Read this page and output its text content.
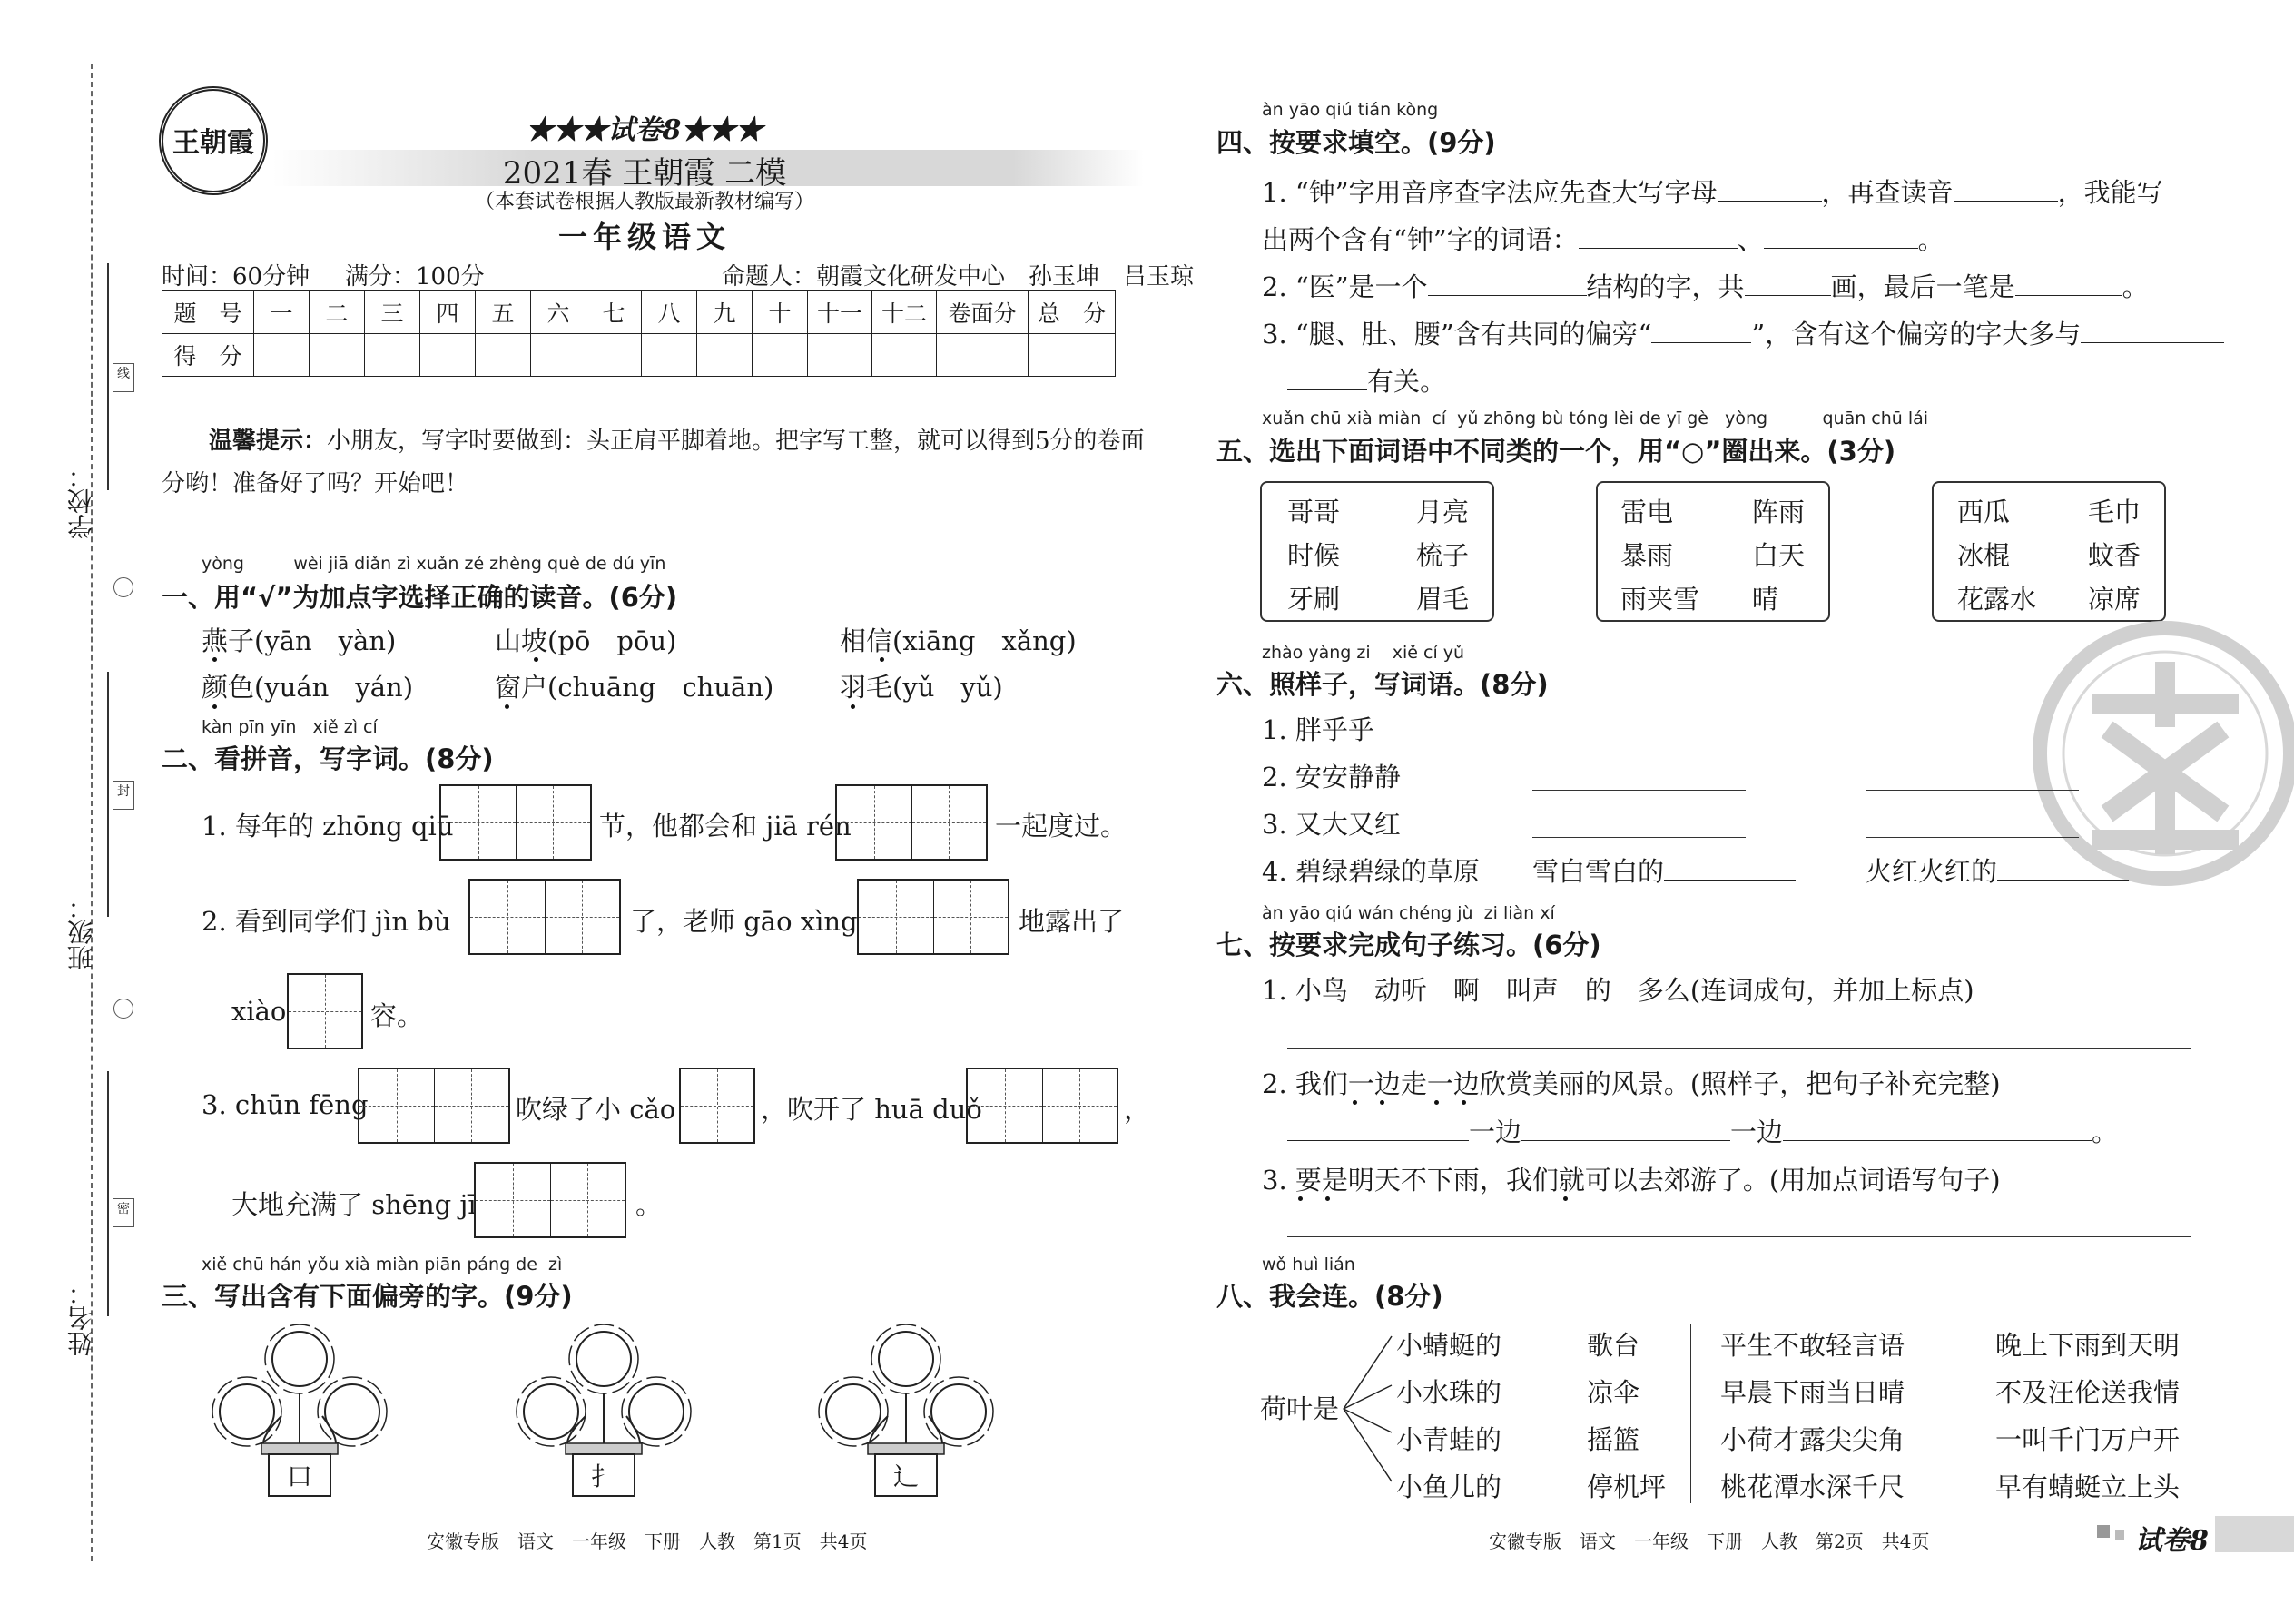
学校：
班级：
姓名：
线
封
密
王朝霞	★★★试卷8★★★
2021春 王朝霞 二模
（本套试卷根据人教版最新教材编写）
一年级语文
时间：60分钟 满分：100分	命题人：朝霞文化研发中心　孙玉坤　吕玉琼
题　号	一	二	三	四	五	六	七	八	九	十	十一	十二	卷面分	总　分
得　分														
温馨提示：小朋友，写字时要做到：头正肩平脚着地。把字写工整，就可以得到5分的卷面
分哟！准备好了吗？开始吧！
yòng         wèi jiā diǎn zì xuǎn zé zhèng què de dú yīn
一、用“√”为加点字选择正确的读音。(6分)
燕子(yān　yàn)	山坡(pō　pōu)	相信(xiāng　xǎng)
颜色(yuán　yán)	窗户(chuāng　chuān)	羽毛(yǔ　yǔ)
kàn pīn yīn   xiě zì cí
二、看拼音，写字词。(8分)
1. 每年的 zhōng qiū	节，他都会和 jiā rén	一起度过。
2. 看到同学们 jìn bù	了，老师 gāo xìng	地露出了
xiào	容。
3. chūn fēng	吹绿了小 cǎo	，吹开了 huā duǒ	，
大地充满了 shēng jī	。
xiě chū hán yǒu xià miàn piān páng de  zì
三、写出含有下面偏旁的字。(9分)
口	扌	辶
安徽专版　语文　一年级　下册　人教　第1页　共4页
àn yāo qiú tián kòng
四、按要求填空。(9分)
1. “钟”字用音序查字法应先查大写字母	，再查读音	，我能写
出两个含有“钟”字的词语：	、	。
2. “医”是一个	结构的字，共	画，最后一笔是	。
3. “腿、肚、腰”含有共同的偏旁“	”，含有这个偏旁的字大多与
有关。
xuǎn chū xià miàn  cí  yǔ zhōng bù tóng lèi de yī gè   yòng          quān chū lái
五、选出下面词语中不同类的一个，用“○”圈出来。(3分)
哥哥	月亮
时候	梳子
牙刷	眉毛
雷电	阵雨
暴雨	白天
雨夹雪 晴
西瓜	毛巾
冰棍	蚊香
花露水 凉席
zhào yàng zi    xiě cí yǔ
六、照样子，写词语。(8分)
1. 胖乎乎
2. 安安静静
3. 又大又红
4. 碧绿碧绿的草原 雪白雪白的	火红火红的
àn yāo qiú wán chéng jù  zi liàn xí
七、按要求完成句子练习。(6分)
1. 小鸟　动听　啊　叫声　的　多么(连词成句，并加上标点)
2. 我们一边走一边欣赏美丽的风景。(照样子，把句子补充完整)
一边	一边	。
3. 要是明天不下雨，我们就可以去郊游了。(用加点词语写句子)
wǒ huì lián
八、我会连。(8分)
荷叶是
小蜻蜓的
小水珠的
小青蛙的
小鱼儿的
歌台
凉伞
摇篮
停机坪
平生不敢轻言语
早晨下雨当日晴
小荷才露尖尖角
桃花潭水深千尺
晚上下雨到天明
不及汪伦送我情
一叫千门万户开
早有蜻蜓立上头
安徽专版　语文　一年级　下册　人教　第2页　共4页	试卷8
